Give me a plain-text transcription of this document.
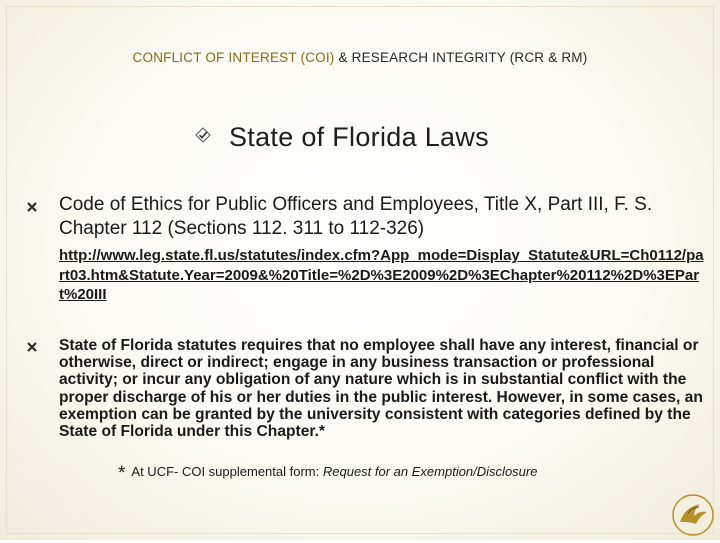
CONFLICT OF INTEREST (COI) & RESEARCH INTEGRITY (RCR & RM)
State of Florida Laws
Code of Ethics for Public Officers and Employees, Title X, Part III, F. S. Chapter 112 (Sections 112. 311 to 112-326)
http://www.leg.state.fl.us/statutes/index.cfm?App_mode=Display_Statute&URL=Ch0112/part03.htm&Statute.Year=2009&%20Title=%2D%3E2009%2D%3EChapter%20112%2D%3EPart%20III
State of Florida statutes requires that no employee shall have any interest, financial or otherwise, direct or indirect; engage in any business transaction or professional activity; or incur any obligation of any nature which is in substantial conflict with the proper discharge of his or her duties in the public interest. However, in some cases, an exemption can be granted by the university consistent with categories defined by the State of Florida under this Chapter.*
* At UCF- COI supplemental form: Request for an Exemption/Disclosure
